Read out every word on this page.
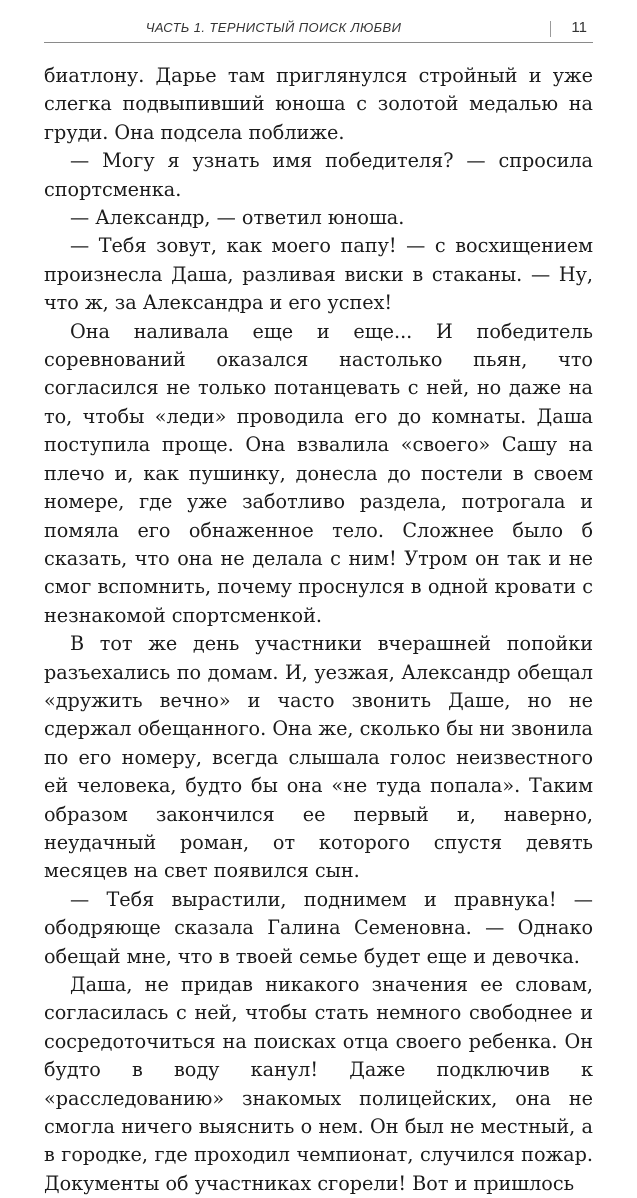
ЧАСТЬ 1. ТЕРНИСТЫЙ ПОИСК ЛЮБВИ	11

биатлону. Дарье там приглянулся стройный и уже слегка подвыпивший юноша с золотой медалью на груди. Она подсела поближе.

— Могу я узнать имя победителя? — спросила спортсменка.

— Александр, — ответил юноша.

— Тебя зовут, как моего папу! — с восхищением произнесла Даша, разливая виски в стаканы. — Ну, что ж, за Александра и его успех!

Она наливала еще и еще... И победитель соревнований оказался настолько пьян, что согласился не только потанцевать с ней, но даже на то, чтобы «леди» проводила его до комнаты. Даша поступила проще. Она взвалила «своего» Сашу на плечо и, как пушинку, донесла до постели в своем номере, где уже заботливо раздела, потрогала и помяла его обнаженное тело. Сложнее было б сказать, что она не делала с ним! Утром он так и не смог вспомнить, почему проснулся в одной кровати с незнакомой спортсменкой.

В тот же день участники вчерашней попойки разъехались по домам. И, уезжая, Александр обещал «дружить вечно» и часто звонить Даше, но не сдержал обещанного. Она же, сколько бы ни звонила по его номеру, всегда слышала голос неизвестного ей человека, будто бы она «не туда попала». Таким образом закончился ее первый и, наверно, неудачный роман, от которого спустя девять месяцев на свет появился сын.

— Тебя вырастили, поднимем и правнука! — ободряюще сказала Галина Семеновна. — Однако обещай мне, что в твоей семье будет еще и девочка.

Даша, не придав никакого значения ее словам, согласилась с ней, чтобы стать немного свободнее и сосредоточиться на поисках отца своего ребенка. Он будто в воду канул! Даже подключив к «расследованию» знакомых полицейских, она не смогла ничего выяснить о нем. Он был не местный, а в городке, где проходил чемпионат, случился пожар. Документы об участниках сгорели! Вот и пришлось
